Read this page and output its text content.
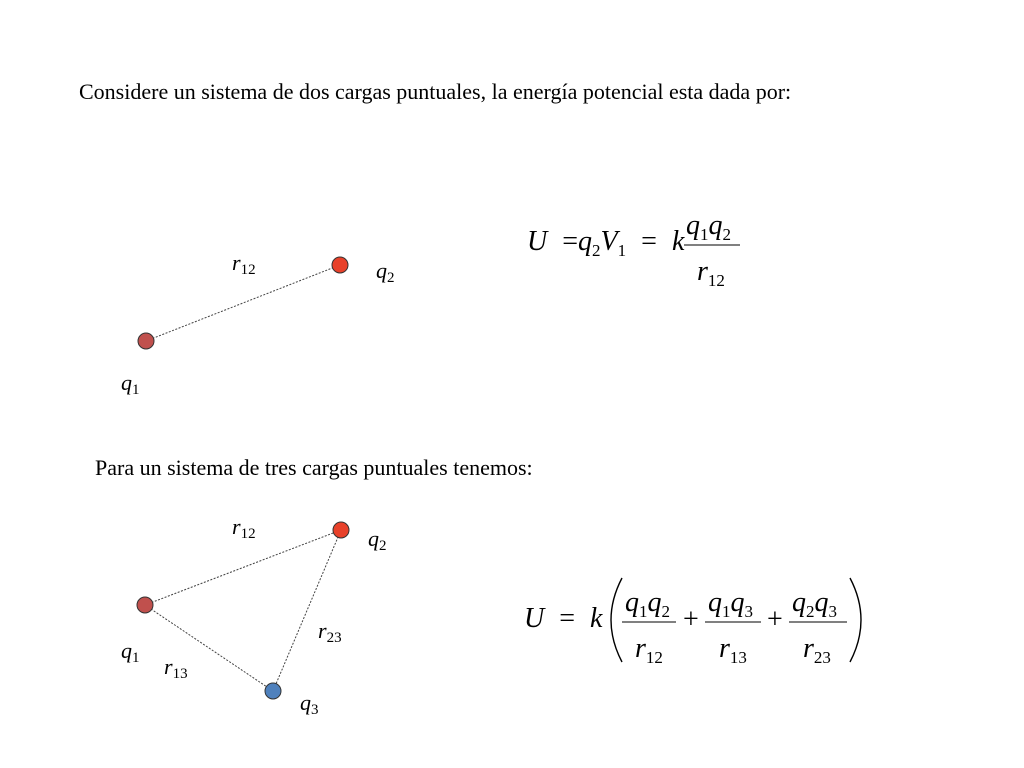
Considere un sistema de dos cargas puntuales, la energía potencial esta dada por:
Para un sistema de tres cargas puntuales tenemos:
$r_{12}$	$q_2$
$q_1$
$r_{12}$	$q_2$
$r_{23}$
$q_1$ $r_{13}$
$q_3$
$U =q_2V_1 = k$
$q_1q_2$
$r_{12}$
U = k
$q_1q_2$
$r_{12}$
+
$q_1q_3$
$r_{13}$
+
$q_2q_3$
$r_{23}$
